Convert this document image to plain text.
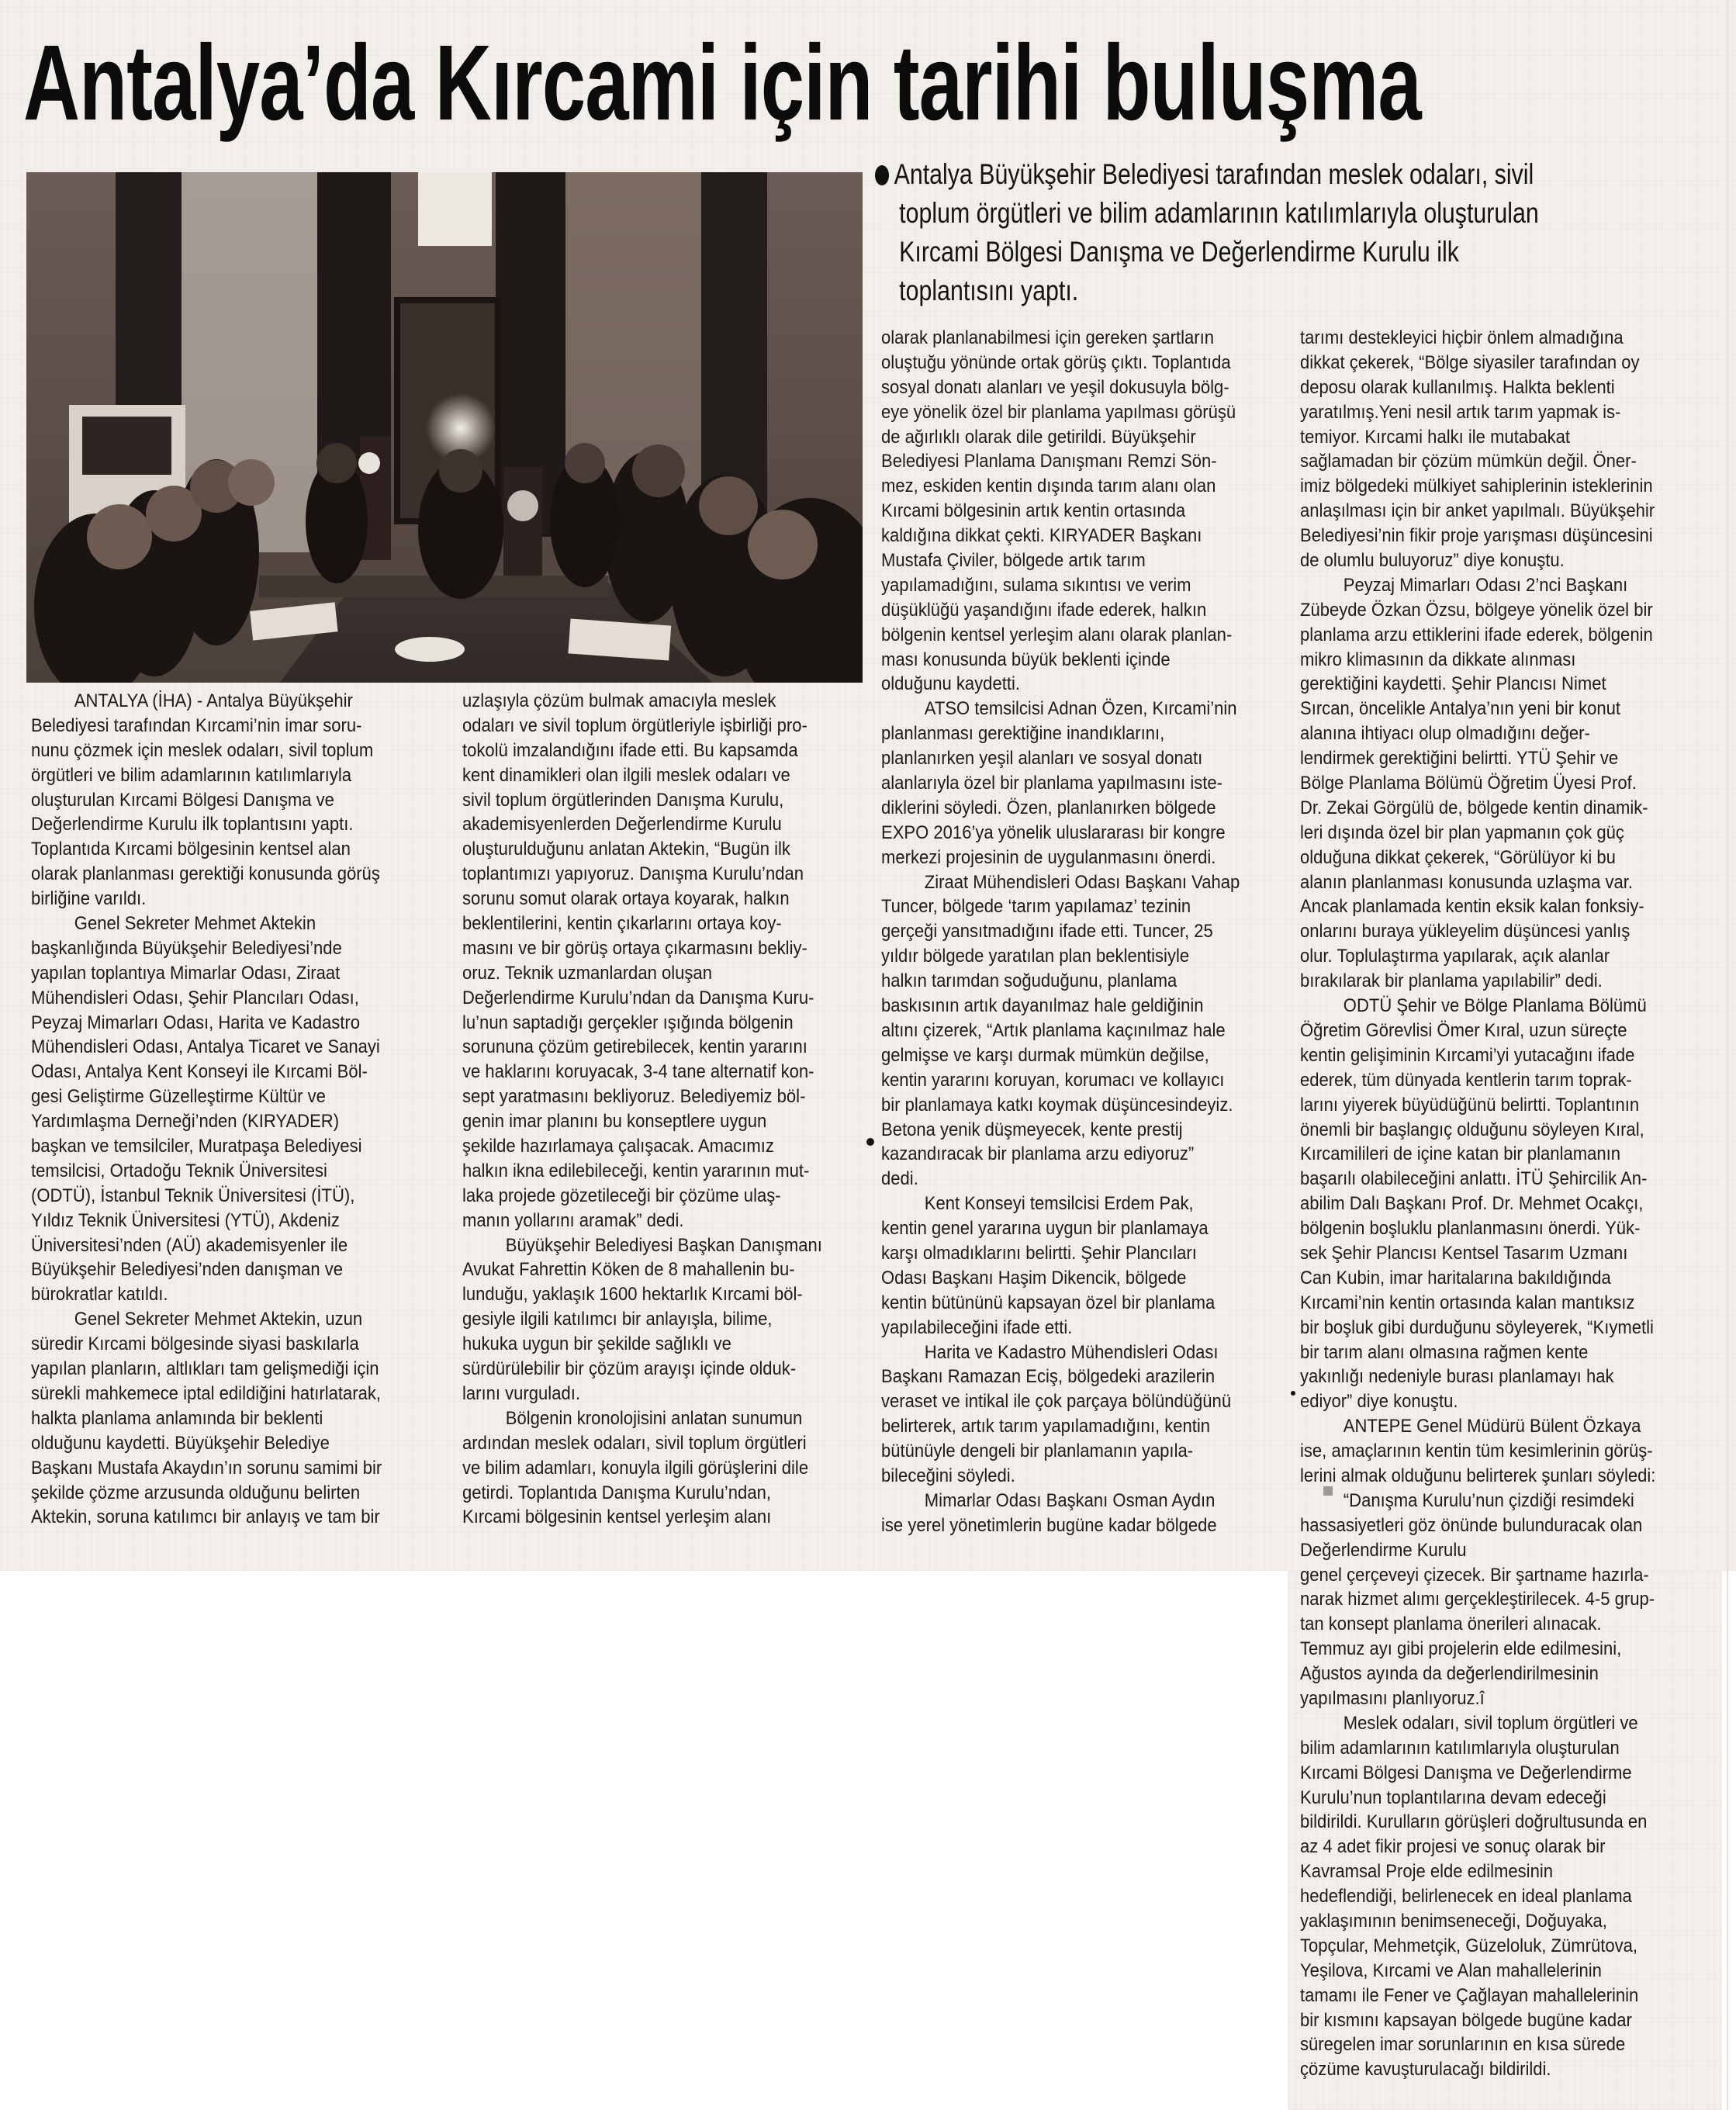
Antalya’da Kırcami için tarihi buluşma
Antalya Büyükşehir Belediyesi tarafından meslek odaları, sivil
toplum örgütleri ve bilim adamlarının katılımlarıyla oluşturulan
Kırcami Bölgesi Danışma ve Değerlendirme Kurulu ilk
toplantısını yaptı.
ANTALYA (İHA) - Antalya Büyükşehir
Belediyesi tarafından Kırcami’nin imar soru-
nunu çözmek için meslek odaları, sivil toplum
örgütleri ve bilim adamlarının katılımlarıyla
oluşturulan Kırcami Bölgesi Danışma ve
Değerlendirme Kurulu ilk toplantısını yaptı.
Toplantıda Kırcami bölgesinin kentsel alan
olarak planlanması gerektiği konusunda görüş
birliğine varıldı.
Genel Sekreter Mehmet Aktekin
başkanlığında Büyükşehir Belediyesi’nde
yapılan toplantıya Mimarlar Odası, Ziraat
Mühendisleri Odası, Şehir Plancıları Odası,
Peyzaj Mimarları Odası, Harita ve Kadastro
Mühendisleri Odası, Antalya Ticaret ve Sanayi
Odası, Antalya Kent Konseyi ile Kırcami Böl-
gesi Geliştirme Güzelleştirme Kültür ve
Yardımlaşma Derneği’nden (KIRYADER)
başkan ve temsilciler, Muratpaşa Belediyesi
temsilcisi, Ortadoğu Teknik Üniversitesi
(ODTÜ), İstanbul Teknik Üniversitesi (İTÜ),
Yıldız Teknik Üniversitesi (YTÜ), Akdeniz
Üniversitesi’nden (AÜ) akademisyenler ile
Büyükşehir Belediyesi’nden danışman ve
bürokratlar katıldı.
Genel Sekreter Mehmet Aktekin, uzun
süredir Kırcami bölgesinde siyasi baskılarla
yapılan planların, altlıkları tam gelişmediği için
sürekli mahkemece iptal edildiğini hatırlatarak,
halkta planlama anlamında bir beklenti
olduğunu kaydetti. Büyükşehir Belediye
Başkanı Mustafa Akaydın’ın sorunu samimi bir
şekilde çözme arzusunda olduğunu belirten
Aktekin, soruna katılımcı bir anlayış ve tam bir
uzlaşıyla çözüm bulmak amacıyla meslek
odaları ve sivil toplum örgütleriyle işbirliği pro-
tokolü imzalandığını ifade etti. Bu kapsamda
kent dinamikleri olan ilgili meslek odaları ve
sivil toplum örgütlerinden Danışma Kurulu,
akademisyenlerden Değerlendirme Kurulu
oluşturulduğunu anlatan Aktekin, “Bugün ilk
toplantımızı yapıyoruz. Danışma Kurulu’ndan
sorunu somut olarak ortaya koyarak, halkın
beklentilerini, kentin çıkarlarını ortaya koy-
masını ve bir görüş ortaya çıkarmasını bekliy-
oruz. Teknik uzmanlardan oluşan
Değerlendirme Kurulu’ndan da Danışma Kuru-
lu’nun saptadığı gerçekler ışığında bölgenin
sorununa çözüm getirebilecek, kentin yararını
ve haklarını koruyacak, 3-4 tane alternatif kon-
sept yaratmasını bekliyoruz. Belediyemiz böl-
genin imar planını bu konseptlere uygun
şekilde hazırlamaya çalışacak. Amacımız
halkın ikna edilebileceği, kentin yararının mut-
laka projede gözetileceği bir çözüme ulaş-
manın yollarını aramak” dedi.
Büyükşehir Belediyesi Başkan Danışmanı
Avukat Fahrettin Köken de 8 mahallenin bu-
lunduğu, yaklaşık 1600 hektarlık Kırcami böl-
gesiyle ilgili katılımcı bir anlayışla, bilime,
hukuka uygun bir şekilde sağlıklı ve
sürdürülebilir bir çözüm arayışı içinde olduk-
larını vurguladı.
Bölgenin kronolojisini anlatan sunumun
ardından meslek odaları, sivil toplum örgütleri
ve bilim adamları, konuyla ilgili görüşlerini dile
getirdi. Toplantıda Danışma Kurulu’ndan,
Kırcami bölgesinin kentsel yerleşim alanı
olarak planlanabilmesi için gereken şartların
oluştuğu yönünde ortak görüş çıktı. Toplantıda
sosyal donatı alanları ve yeşil dokusuyla bölg-
eye yönelik özel bir planlama yapılması görüşü
de ağırlıklı olarak dile getirildi. Büyükşehir
Belediyesi Planlama Danışmanı Remzi Sön-
mez, eskiden kentin dışında tarım alanı olan
Kırcami bölgesinin artık kentin ortasında
kaldığına dikkat çekti. KIRYADER Başkanı
Mustafa Çiviler, bölgede artık tarım
yapılamadığını, sulama sıkıntısı ve verim
düşüklüğü yaşandığını ifade ederek, halkın
bölgenin kentsel yerleşim alanı olarak planlan-
ması konusunda büyük beklenti içinde
olduğunu kaydetti.
ATSO temsilcisi Adnan Özen, Kırcami’nin
planlanması gerektiğine inandıklarını,
planlanırken yeşil alanları ve sosyal donatı
alanlarıyla özel bir planlama yapılmasını iste-
diklerini söyledi. Özen, planlanırken bölgede
EXPO 2016’ya yönelik uluslararası bir kongre
merkezi projesinin de uygulanmasını önerdi.
Ziraat Mühendisleri Odası Başkanı Vahap
Tuncer, bölgede ‘tarım yapılamaz’ tezinin
gerçeği yansıtmadığını ifade etti. Tuncer, 25
yıldır bölgede yaratılan plan beklentisiyle
halkın tarımdan soğuduğunu, planlama
baskısının artık dayanılmaz hale geldiğinin
altını çizerek, “Artık planlama kaçınılmaz hale
gelmişse ve karşı durmak mümkün değilse,
kentin yararını koruyan, korumacı ve kollayıcı
bir planlamaya katkı koymak düşüncesindeyiz.
Betona yenik düşmeyecek, kente prestij
kazandıracak bir planlama arzu ediyoruz”
dedi.
Kent Konseyi temsilcisi Erdem Pak,
kentin genel yararına uygun bir planlamaya
karşı olmadıklarını belirtti. Şehir Plancıları
Odası Başkanı Haşim Dikencik, bölgede
kentin bütününü kapsayan özel bir planlama
yapılabileceğini ifade etti.
Harita ve Kadastro Mühendisleri Odası
Başkanı Ramazan Eciş, bölgedeki arazilerin
veraset ve intikal ile çok parçaya bölündüğünü
belirterek, artık tarım yapılamadığını, kentin
bütünüyle dengeli bir planlamanın yapıla-
bileceğini söyledi.
Mimarlar Odası Başkanı Osman Aydın
ise yerel yönetimlerin bugüne kadar bölgede
tarımı destekleyici hiçbir önlem almadığına
dikkat çekerek, “Bölge siyasiler tarafından oy
deposu olarak kullanılmış. Halkta beklenti
yaratılmış.Yeni nesil artık tarım yapmak is-
temiyor. Kırcami halkı ile mutabakat
sağlamadan bir çözüm mümkün değil. Öner-
imiz bölgedeki mülkiyet sahiplerinin isteklerinin
anlaşılması için bir anket yapılmalı. Büyükşehir
Belediyesi’nin fikir proje yarışması düşüncesini
de olumlu buluyoruz” diye konuştu.
Peyzaj Mimarları Odası 2’nci Başkanı
Zübeyde Özkan Özsu, bölgeye yönelik özel bir
planlama arzu ettiklerini ifade ederek, bölgenin
mikro klimasının da dikkate alınması
gerektiğini kaydetti. Şehir Plancısı Nimet
Sırcan, öncelikle Antalya’nın yeni bir konut
alanına ihtiyacı olup olmadığını değer-
lendirmek gerektiğini belirtti. YTÜ Şehir ve
Bölge Planlama Bölümü Öğretim Üyesi Prof.
Dr. Zekai Görgülü de, bölgede kentin dinamik-
leri dışında özel bir plan yapmanın çok güç
olduğuna dikkat çekerek, “Görülüyor ki bu
alanın planlanması konusunda uzlaşma var.
Ancak planlamada kentin eksik kalan fonksiy-
onlarını buraya yükleyelim düşüncesi yanlış
olur. Toplulaştırma yapılarak, açık alanlar
bırakılarak bir planlama yapılabilir” dedi.
ODTÜ Şehir ve Bölge Planlama Bölümü
Öğretim Görevlisi Ömer Kıral, uzun süreçte
kentin gelişiminin Kırcami’yi yutacağını ifade
ederek, tüm dünyada kentlerin tarım toprak-
larını yiyerek büyüdüğünü belirtti. Toplantının
önemli bir başlangıç olduğunu söyleyen Kıral,
Kırcamilileri de içine katan bir planlamanın
başarılı olabileceğini anlattı. İTÜ Şehircilik An-
abilim Dalı Başkanı Prof. Dr. Mehmet Ocakçı,
bölgenin boşluklu planlanmasını önerdi. Yük-
sek Şehir Plancısı Kentsel Tasarım Uzmanı
Can Kubin, imar haritalarına bakıldığında
Kırcami’nin kentin ortasında kalan mantıksız
bir boşluk gibi durduğunu söyleyerek, “Kıymetli
bir tarım alanı olmasına rağmen kente
yakınlığı nedeniyle burası planlamayı hak
ediyor” diye konuştu.
ANTEPE Genel Müdürü Bülent Özkaya
ise, amaçlarının kentin tüm kesimlerinin görüş-
lerini almak olduğunu belirterek şunları söyledi:
“Danışma Kurulu’nun çizdiği resimdeki
hassasiyetleri göz önünde bulunduracak olan
Değerlendirme Kurulu
genel çerçeveyi çizecek. Bir şartname hazırla-
narak hizmet alımı gerçekleştirilecek. 4-5 grup-
tan konsept planlama önerileri alınacak.
Temmuz ayı gibi projelerin elde edilmesini,
Ağustos ayında da değerlendirilmesinin
yapılmasını planlıyoruz.î
Meslek odaları, sivil toplum örgütleri ve
bilim adamlarının katılımlarıyla oluşturulan
Kırcami Bölgesi Danışma ve Değerlendirme
Kurulu’nun toplantılarına devam edeceği
bildirildi. Kurulların görüşleri doğrultusunda en
az 4 adet fikir projesi ve sonuç olarak bir
Kavramsal Proje elde edilmesinin
hedeflendiği, belirlenecek en ideal planlama
yaklaşımının benimseneceği, Doğuyaka,
Topçular, Mehmetçik, Güzeloluk, Zümrütova,
Yeşilova, Kırcami ve Alan mahallelerinin
tamamı ile Fener ve Çağlayan mahallelerinin
bir kısmını kapsayan bölgede bugüne kadar
süregelen imar sorunlarının en kısa sürede
çözüme kavuşturulacağı bildirildi.
